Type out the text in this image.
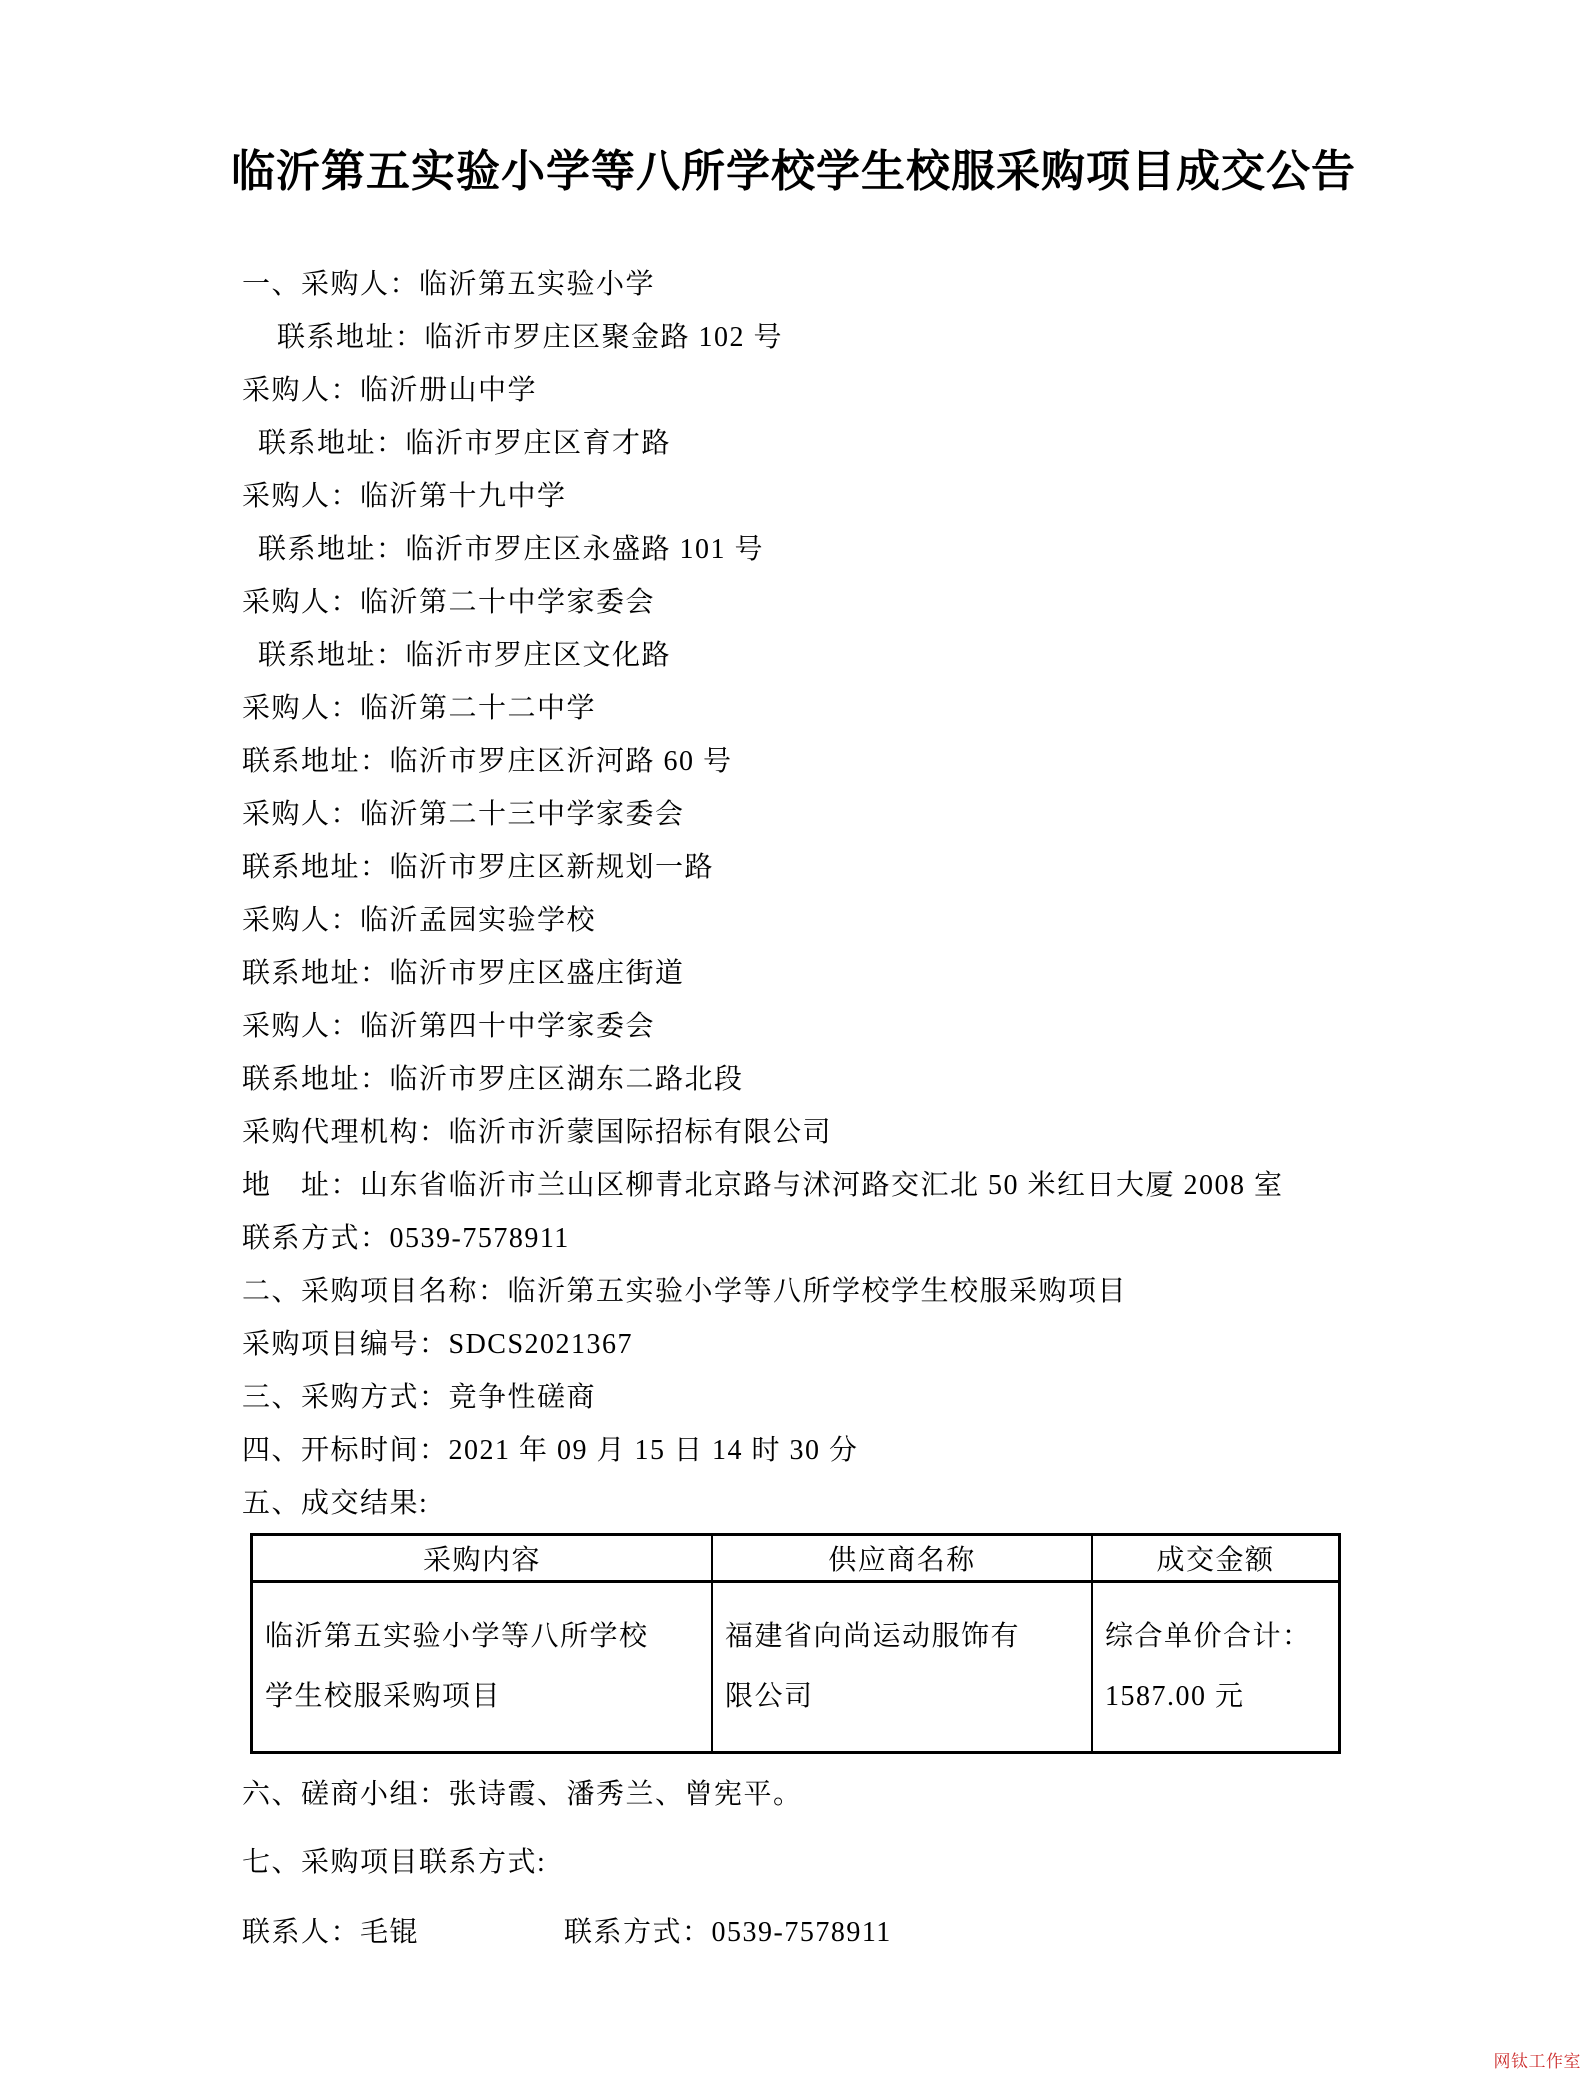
临沂第五实验小学等八所学校学生校服采购项目成交公告
一、采购人：临沂第五实验小学
联系地址：临沂市罗庄区聚金路 102 号
采购人：临沂册山中学
联系地址：临沂市罗庄区育才路
采购人：临沂第十九中学
联系地址：临沂市罗庄区永盛路 101 号
采购人：临沂第二十中学家委会
联系地址：临沂市罗庄区文化路
采购人：临沂第二十二中学
联系地址：临沂市罗庄区沂河路 60 号
采购人：临沂第二十三中学家委会
联系地址：临沂市罗庄区新规划一路
采购人：临沂孟园实验学校
联系地址：临沂市罗庄区盛庄街道
采购人：临沂第四十中学家委会
联系地址：临沂市罗庄区湖东二路北段
采购代理机构：临沂市沂蒙国际招标有限公司
地　址：山东省临沂市兰山区柳青北京路与沭河路交汇北 50 米红日大厦 2008 室
联系方式：0539-7578911
二、采购项目名称：临沂第五实验小学等八所学校学生校服采购项目
采购项目编号：SDCS2021367
三、采购方式：竞争性磋商
四、开标时间：2021 年 09 月 15 日 14 时 30 分
五、成交结果:
采购内容	供应商名称	成交金额

临沂第五实验小学等八所学校
学生校服采购项目

福建省向尚运动服饰有
限公司

综合单价合计：
1587.00 元
六、磋商小组：张诗霞、潘秀兰、曾宪平。
七、采购项目联系方式:
联系人：毛锟	联系方式：0539-7578911
网钛工作室
